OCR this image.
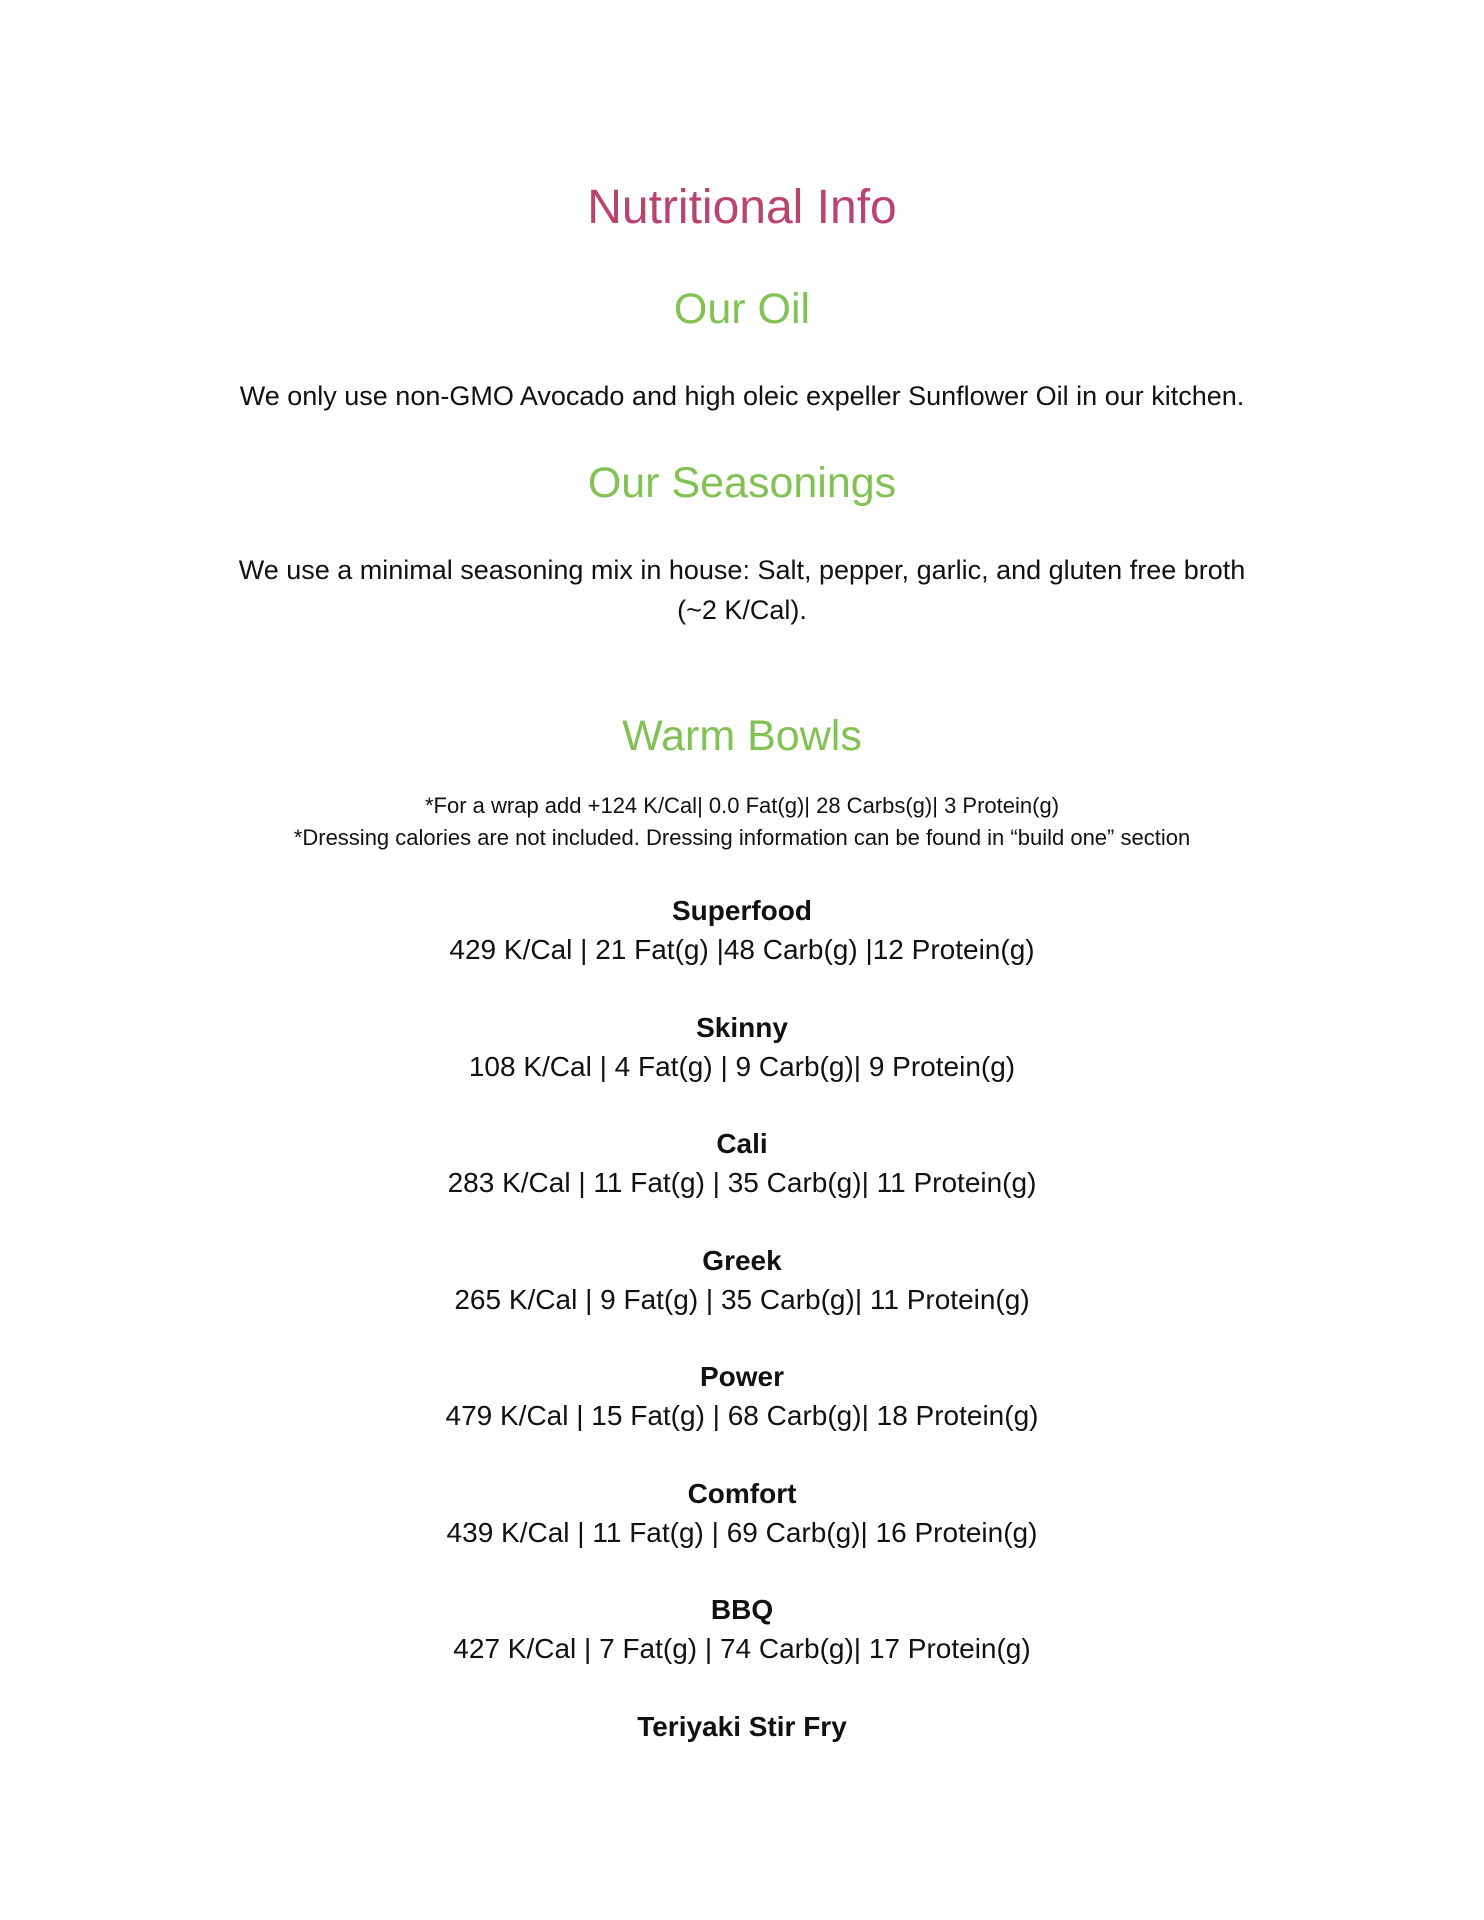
Nutritional Info
Our Oil

We only use non-GMO Avocado and high oleic expeller Sunflower Oil in our kitchen.

Our Seasonings

We use a minimal seasoning mix in house: Salt, pepper, garlic, and gluten free broth (~2 K/Cal).

Warm Bowls
*For a wrap add +124 K/Cal| 0.0 Fat(g)| 28 Carbs(g)| 3 Protein(g)
*Dressing calories are not included. Dressing information can be found in “build one” section
Superfood
429 K/Cal | 21 Fat(g) |48 Carb(g) |12 Protein(g)
Skinny
108 K/Cal | 4 Fat(g) | 9 Carb(g)| 9 Protein(g)
Cali
283 K/Cal | 11 Fat(g) | 35 Carb(g)| 11 Protein(g)
Greek
265 K/Cal | 9 Fat(g) | 35 Carb(g)| 11 Protein(g)
Power
479 K/Cal | 15 Fat(g) | 68 Carb(g)| 18 Protein(g)
Comfort
439 K/Cal | 11 Fat(g) | 69 Carb(g)| 16 Protein(g)
BBQ
427 K/Cal | 7 Fat(g) | 74 Carb(g)| 17 Protein(g)
Teriyaki Stir Fry
